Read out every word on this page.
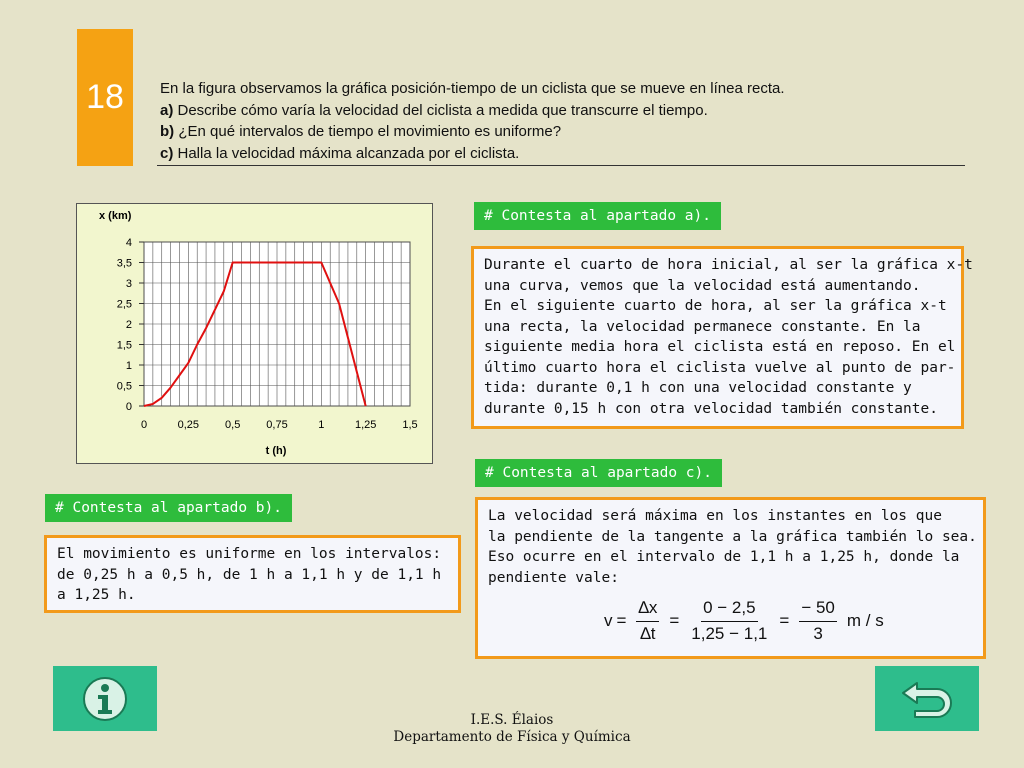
18 En la figura observamos la gráfica posición-tiempo de un ciclista que se mueve en línea recta.
a) Describe cómo varía la velocidad del ciclista a medida que transcurre el tiempo.
b) ¿En qué intervalos de tiempo el movimiento es uniforme?
c) Halla la velocidad máxima alcanzada por el ciclista.
x (km)
t (h)
0
0,5
1
1,5
2
2,5
3
3,5
4
0	0,25 0,5 0,75	1	1,25 1,5
# Contesta al apartado a).
Durante el cuarto de hora inicial, al ser la gráfica x-t
una curva, vemos que la velocidad está aumentando.
En el siguiente cuarto de hora, al ser la gráfica x-t
una recta, la velocidad permanece constante. En la
siguiente media hora el ciclista está en reposo. En el
último cuarto hora el ciclista vuelve al punto de par-
tida: durante 0,1 h con una velocidad constante y
durante 0,15 h con otra velocidad también constante.
# Contesta al apartado b).
El movimiento es uniforme en los intervalos:
de 0,25 h a 0,5 h, de 1 h a 1,1 h y de 1,1 h
a 1,25 h.
# Contesta al apartado c).
La velocidad será máxima en los instantes en los que
la pendiente de la tangente a la gráfica también lo sea.
Eso ocurre en el intervalo de 1,1 h a 1,25 h, donde la
pendiente vale:
$v = \frac{\Delta x}{\Delta t} = \frac{0 - 2,5}{1,25 - 1,1} = \frac{- 50}{3}$ m / s
I.E.S. Élaios
Departamento de Física y Química
